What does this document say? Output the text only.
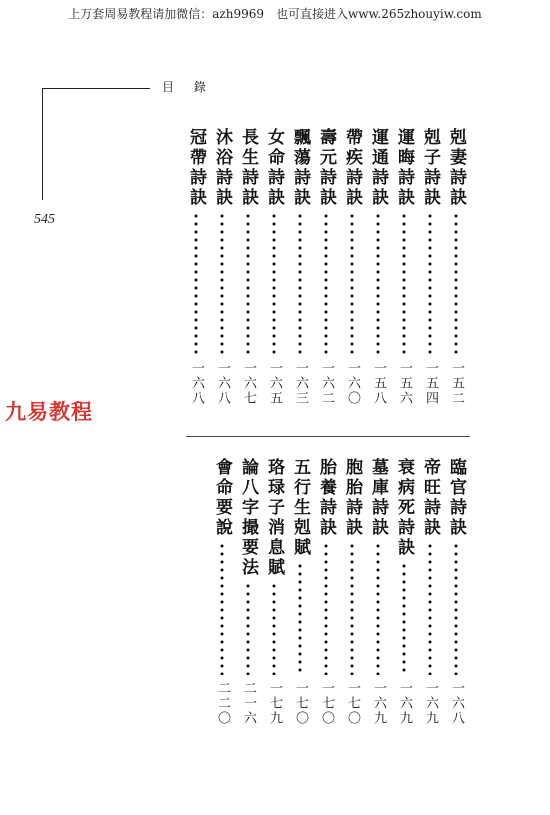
上万套周易教程请加微信：azh9969　也可直接进入www.265zhouyiw.com
目 錄
545
九易教程
剋妻詩訣
一五二
剋子詩訣
一五四
運晦詩訣
一五六
運通詩訣
一五八
帶疾詩訣
一六〇
壽元詩訣
一六二
飄蕩詩訣
一六三
女命詩訣
一六五
長生詩訣
一六七
沐浴詩訣
一六八
冠帶詩訣
一六八
臨官詩訣
一六八
帝旺詩訣
一六九
衰病死詩訣
一六九
墓庫詩訣
一六九
胞胎詩訣
一七〇
胎養詩訣
一七〇
五行生剋賦
一七〇
珞琭子消息賦
一七九
論八字撮要法
二一六
會命要說
二二〇
